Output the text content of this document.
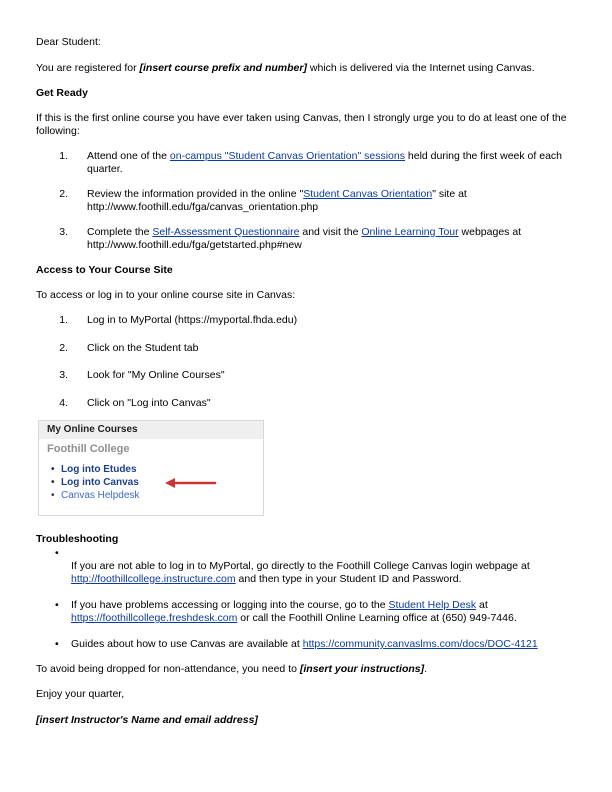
Dear Student:

You are registered for [insert course prefix and number] which is delivered via the Internet using Canvas.

Get Ready

If this is the first online course you have ever taken using Canvas, then I strongly urge you to do at least one of the following:

1. Attend one of the on-campus "Student Canvas Orientation" sessions held during the first week of each quarter.

2. Review the information provided in the online "Student Canvas Orientation" site at http://www.foothill.edu/fga/canvas_orientation.php

3. Complete the Self-Assessment Questionnaire and visit the Online Learning Tour webpages at http://www.foothill.edu/fga/getstarted.php#new

Access to Your Course Site

To access or log in to your online course site in Canvas:

1. Log in to MyPortal (https://myportal.fhda.edu)

2. Click on the Student tab

3. Look for "My Online Courses"

4. Click on "Log into Canvas"

My Online Courses
Foothill College
• Log into Etudes
• Log into Canvas
• Canvas Helpdesk

Troubleshooting

•

If you are not able to log in to MyPortal, go directly to the Foothill College Canvas login webpage at http://foothillcollege.instructure.com and then type in your Student ID and Password.

• If you have problems accessing or logging into the course, go to the Student Help Desk at https://foothillcollege.freshdesk.com or call the Foothill Online Learning office at (650) 949-7446.

• Guides about how to use Canvas are available at https://community.canvaslms.com/docs/DOC-4121

To avoid being dropped for non-attendance, you need to [insert your instructions].

Enjoy your quarter,

[insert Instructor's Name and email address]
